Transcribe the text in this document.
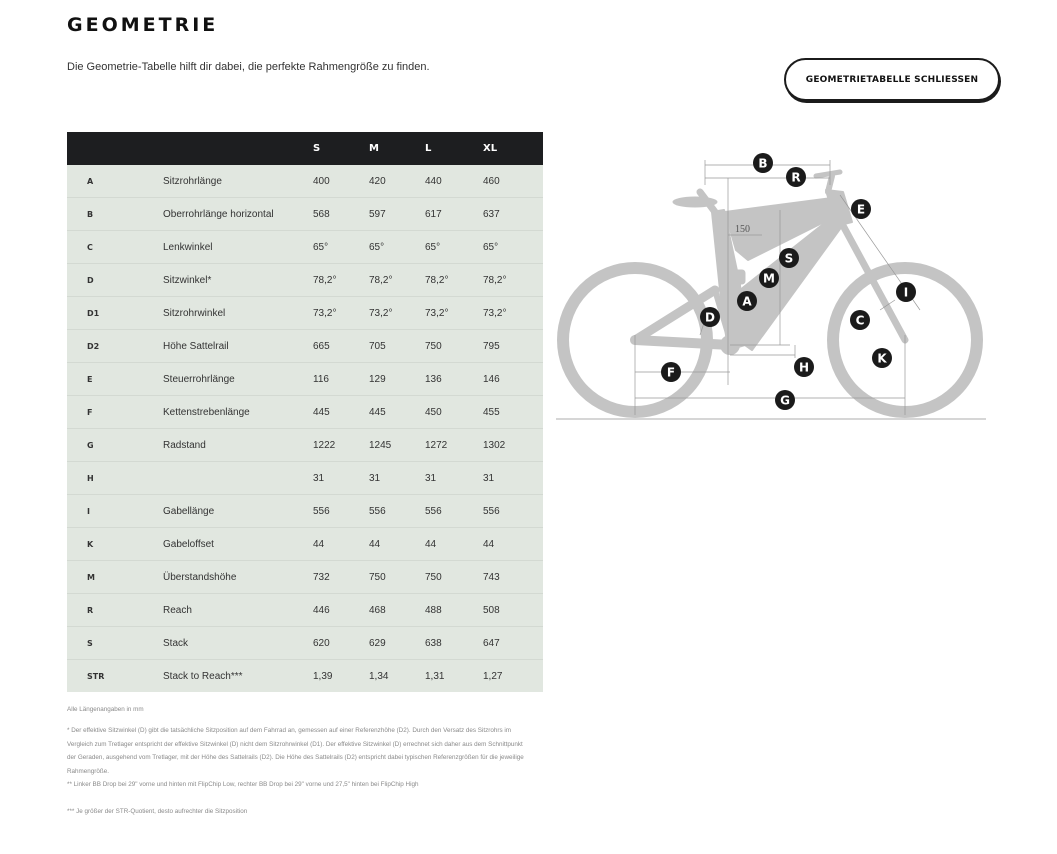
GEOMETRIE

Die Geometrie-Tabelle hilft dir dabei, die perfekte Rahmengröße zu finden.

GEOMETRIETABELLE SCHLIESSEN
		S	M	L	XL
A	Sitzrohrlänge	400	420	440	460
B	Oberrohrlänge horizontal	568	597	617	637
C	Lenkwinkel	65°	65°	65°	65°
D	Sitzwinkel*	78,2°	78,2°	78,2°	78,2°
D1	Sitzrohrwinkel	73,2°	73,2°	73,2°	73,2°
D2	Höhe Sattelrail	665	705	750	795
E	Steuerrohrlänge	116	129	136	146
F	Kettenstrebenlänge	445	445	450	455
G	Radstand	1222	1245	1272	1302
H		31	31	31	31
I	Gabellänge	556	556	556	556
K	Gabeloffset	44	44	44	44
M	Überstandshöhe	732	750	750	743
R	Reach	446	468	488	508
S	Stack	620	629	638	647
STR	Stack to Reach***	1,39	1,34	1,31	1,27

Alle Längenangaben in mm

* Der effektive Sitzwinkel (D) gibt die tatsächliche Sitzposition auf dem Fahrrad an, gemessen auf einer Referenzhöhe (D2). Durch den Versatz des Sitzrohrs im Vergleich zum Tretlager entspricht der effektive Sitzwinkel (D) nicht dem Sitzrohrwinkel (D1). Der effektive Sitzwinkel (D) errechnet sich daher aus dem Schnittpunkt der Geraden, ausgehend vom Tretlager, mit der Höhe des Sattelrails (D2). Die Höhe des Sattelrails (D2) entspricht dabei typischen Referenzgrößen für die jeweilige Rahmengröße.

** Linker BB Drop bei 29" vorne und hinten mit FlipChip Low, rechter BB Drop bei 29" vorne und 27,5" hinten bei FlipChip High

*** Je größer der STR-Quotient, desto aufrechter die Sitzposition

150
B
R
E
S
M
A
D
I
C
K
F	H
G
